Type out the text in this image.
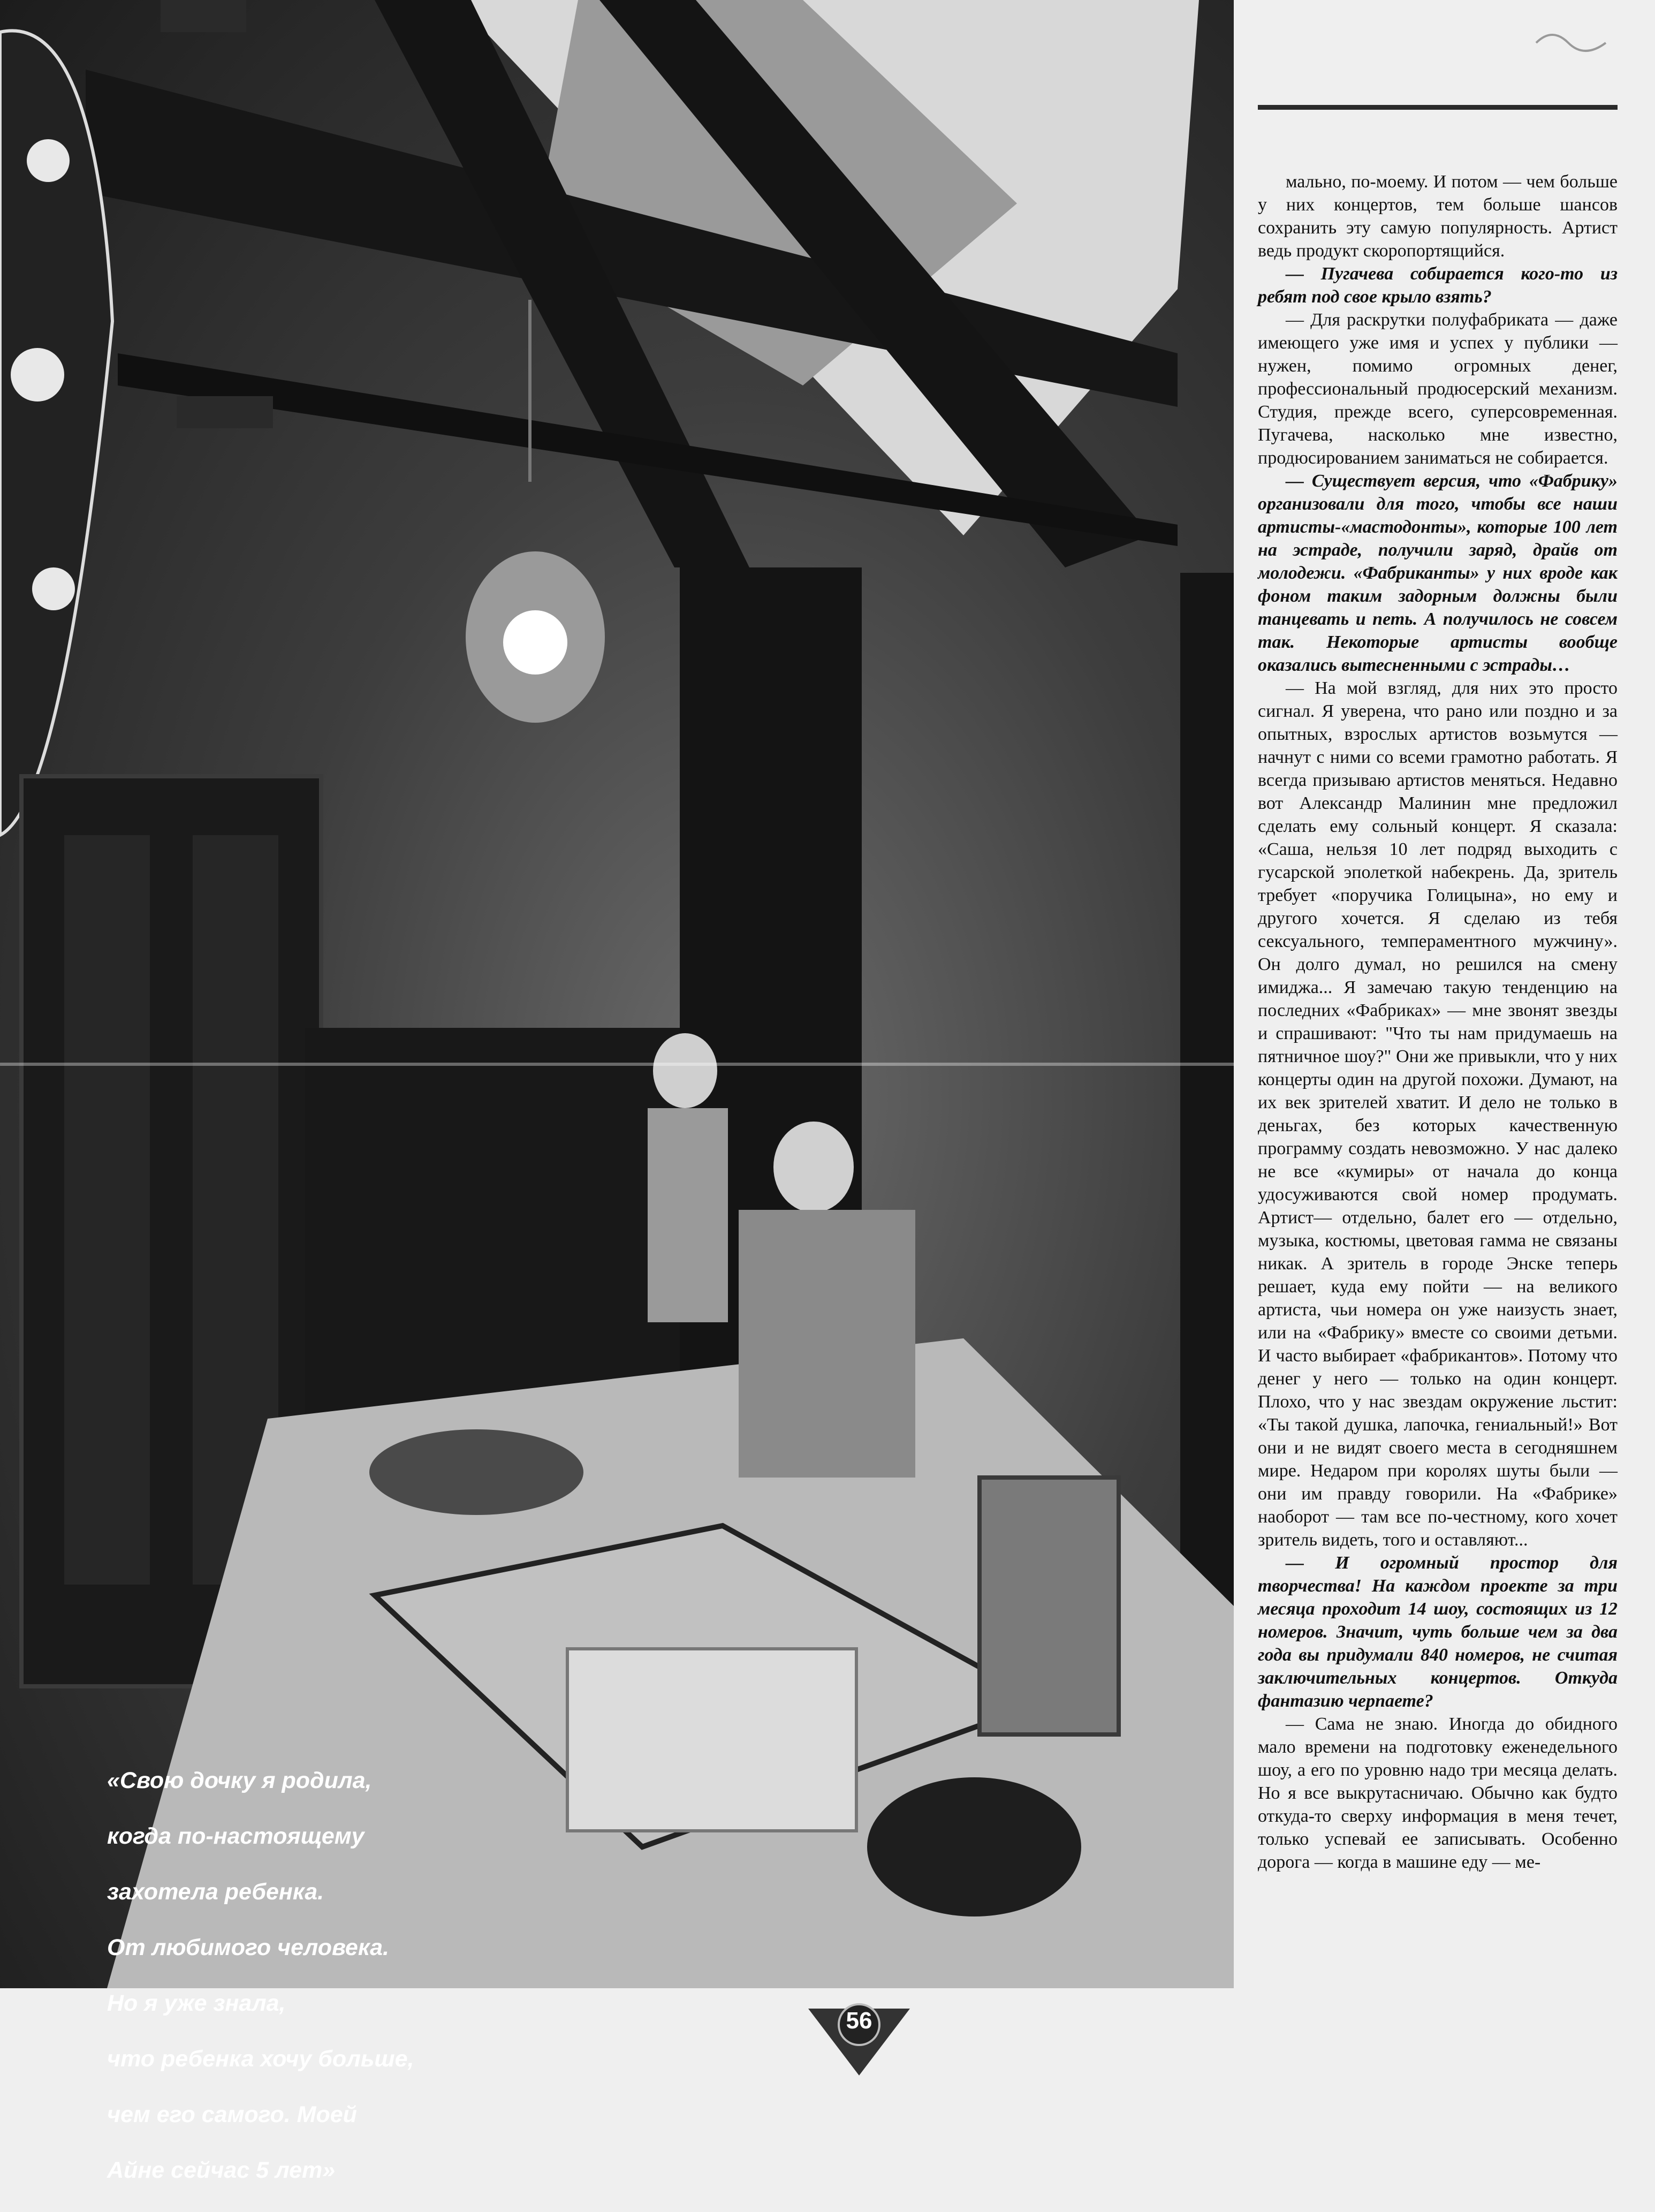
«Свою дочку я родила,

когда по-настоящему

захотела ребенка.

От любимого человека.

Но я уже знала,

что ребенка хочу больше,

чем его самого. Моей

Айне сейчас 5 лет»

мально, по-моему. И потом — чем больше у них концертов, тем больше шансов сохранить эту самую популярность. Артист ведь продукт скоропортящийся.

— Пугачева собирается кого-то из ребят под свое крыло взять?

— Для раскрутки полуфабриката — даже имеющего уже имя и успех у публики — нужен, помимо огромных денег, профессиональный продюсерский механизм. Студия, прежде всего, суперсовременная. Пугачева, насколько мне известно, продюсированием заниматься не собирается.

— Существует версия, что «Фабрику» организовали для того, чтобы все наши артисты-«мастодонты», которые 100 лет на эстраде, получили заряд, драйв от молодежи. «Фабриканты» у них вроде как фоном таким задорным должны были танцевать и петь. А получилось не совсем так. Некоторые артисты вообще оказались вытесненными с эстрады…

— На мой взгляд, для них это просто сигнал. Я уверена, что рано или поздно и за опытных, взрослых артистов возьмутся — начнут с ними со всеми грамотно работать. Я всегда призываю артистов меняться. Недавно вот Александр Малинин мне предложил сделать ему сольный концерт. Я сказала: «Саша, нельзя 10 лет подряд выходить с гусарской эполеткой набекрень. Да, зритель требует «поручика Голицына», но ему и другого хочется. Я сделаю из тебя сексуального, темпераментного мужчину». Он долго думал, но решился на смену имиджа... Я замечаю такую тенденцию на последних «Фабриках» — мне звонят звезды и спрашивают: "Что ты нам придумаешь на пятничное шоу?" Они же привыкли, что у них концерты один на другой похожи. Думают, на их век зрителей хватит. И дело не только в деньгах, без которых качественную программу создать невозможно. У нас далеко не все «кумиры» от начала до конца удосуживаются свой номер продумать. Артист— отдельно, балет его — отдельно, музыка, костюмы, цветовая гамма не связаны никак. А зритель в городе Энске теперь решает, куда ему пойти — на великого артиста, чьи номера он уже наизусть знает, или на «Фабрику» вместе со своими детьми. И часто выбирает «фабрикантов». Потому что денег у него — только на один концерт. Плохо, что у нас звездам окружение льстит: «Ты такой душка, лапочка, гениальный!» Вот они и не видят своего места в сегодняшнем мире. Недаром при королях шуты были — они им правду говорили. На «Фабрике» наоборот — там все по-честному, кого хочет зритель видеть, того и оставляют...

— И огромный простор для творчества! На каждом проекте за три месяца проходит 14 шоу, состоящих из 12 номеров. Значит, чуть больше чем за два года вы придумали 840 номеров, не считая заключительных концертов. Откуда фантазию черпаете?

— Сама не знаю. Иногда до обидного мало времени на подготовку еженедельного шоу, а его по уровню надо три месяца делать. Но я все выкрутасничаю. Обычно как будто откуда-то сверху информация в меня течет, только успевай ее записывать. Особенно дорога — когда в машине еду — ме-

56
